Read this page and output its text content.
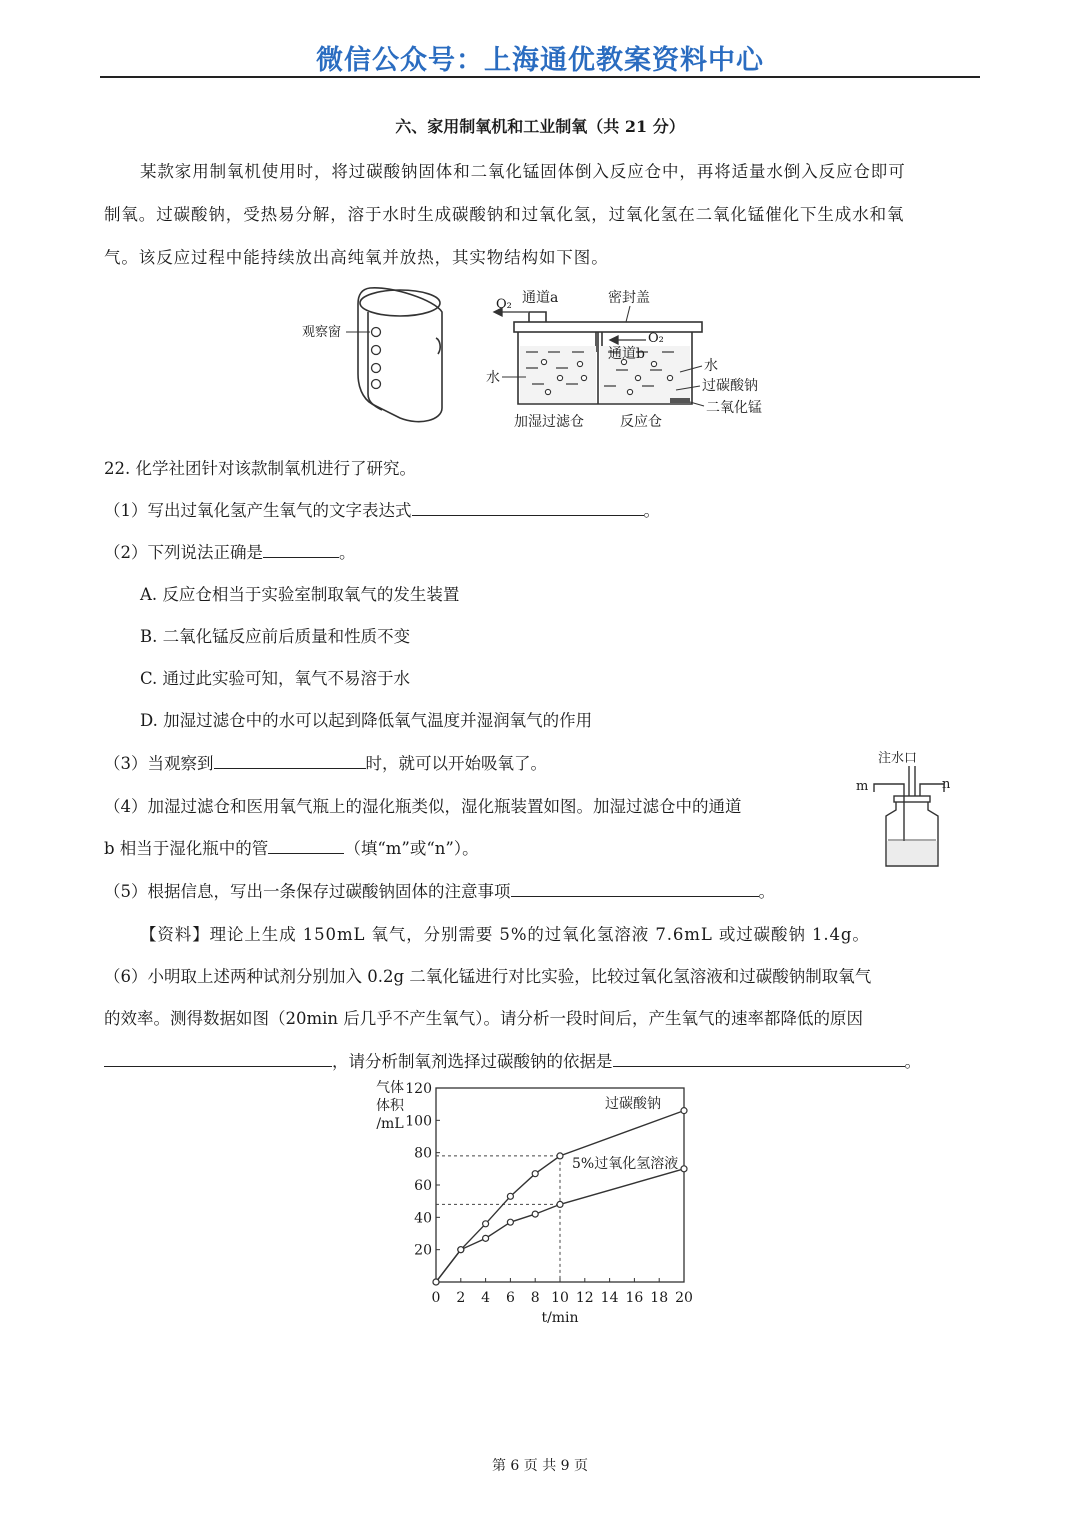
微信公众号：上海通优教案资料中心
六、家用制氧机和工业制氧（共 21 分）
某款家用制氧机使用时，将过碳酸钠固体和二氧化锰固体倒入反应仓中，再将适量水倒入反应仓即可
制氧。过碳酸钠，受热易分解，溶于水时生成碳酸钠和过氧化氢，过氧化氢在二氧化锰催化下生成水和氧
气。该反应过程中能持续放出高纯氧并放热，其实物结构如下图。
观察窗
O₂ 通道a	密封盖
O₂
通道b
水
水
过碳酸钠
二氧化锰
加湿过滤仓	反应仓
22. 化学社团针对该款制氧机进行了研究。
（1）写出过氧化氢产生氧气的文字表达式	。
（2）下列说法正确是	。
A. 反应仓相当于实验室制取氧气的发生装置
B. 二氧化锰反应前后质量和性质不变
C. 通过此实验可知，氧气不易溶于水
D. 加湿过滤仓中的水可以起到降低氧气温度并湿润氧气的作用
（3）当观察到	时，就可以开始吸氧了。
（4）加湿过滤仓和医用氧气瓶上的湿化瓶类似，湿化瓶装置如图。加湿过滤仓中的通道
b 相当于湿化瓶中的管	（填“m”或“n”）。
注水口
m	n
（5）根据信息，写出一条保存过碳酸钠固体的注意事项	。
【资料】理论上生成 150mL 氧气，分别需要 5%的过氧化氢溶液 7.6mL 或过碳酸钠 1.4g。
（6）小明取上述两种试剂分别加入 0.2g 二氧化锰进行对比实验，比较过氧化氢溶液和过碳酸钠制取氧气
的效率。测得数据如图（20min 后几乎不产生氧气）。请分析一段时间后，产生氧气的速率都降低的原因
，请分析制氧剂选择过碳酸钠的依据是	。
气体
体积
/mL
0 2 4 6 8 10 12 14 16 18 20
20
40
60
80
100
120
过碳酸钠
5%过氧化氢溶液
t/min
第 6 页 共 9 页
